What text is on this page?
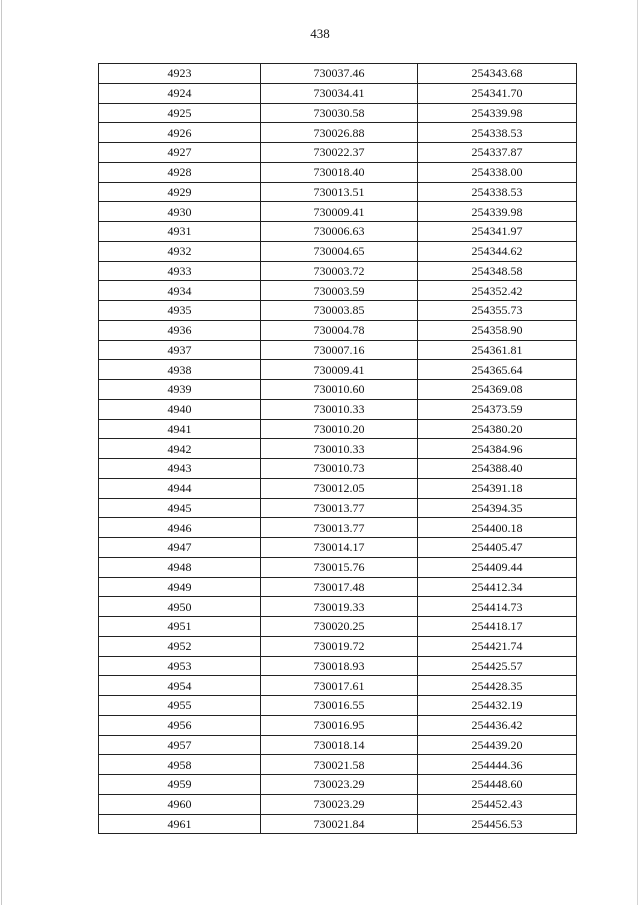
438
4923	730037.46	254343.68
4924	730034.41	254341.70
4925	730030.58	254339.98
4926	730026.88	254338.53
4927	730022.37	254337.87
4928	730018.40	254338.00
4929	730013.51	254338.53
4930	730009.41	254339.98
4931	730006.63	254341.97
4932	730004.65	254344.62
4933	730003.72	254348.58
4934	730003.59	254352.42
4935	730003.85	254355.73
4936	730004.78	254358.90
4937	730007.16	254361.81
4938	730009.41	254365.64
4939	730010.60	254369.08
4940	730010.33	254373.59
4941	730010.20	254380.20
4942	730010.33	254384.96
4943	730010.73	254388.40
4944	730012.05	254391.18
4945	730013.77	254394.35
4946	730013.77	254400.18
4947	730014.17	254405.47
4948	730015.76	254409.44
4949	730017.48	254412.34
4950	730019.33	254414.73
4951	730020.25	254418.17
4952	730019.72	254421.74
4953	730018.93	254425.57
4954	730017.61	254428.35
4955	730016.55	254432.19
4956	730016.95	254436.42
4957	730018.14	254439.20
4958	730021.58	254444.36
4959	730023.29	254448.60
4960	730023.29	254452.43
4961	730021.84	254456.53
